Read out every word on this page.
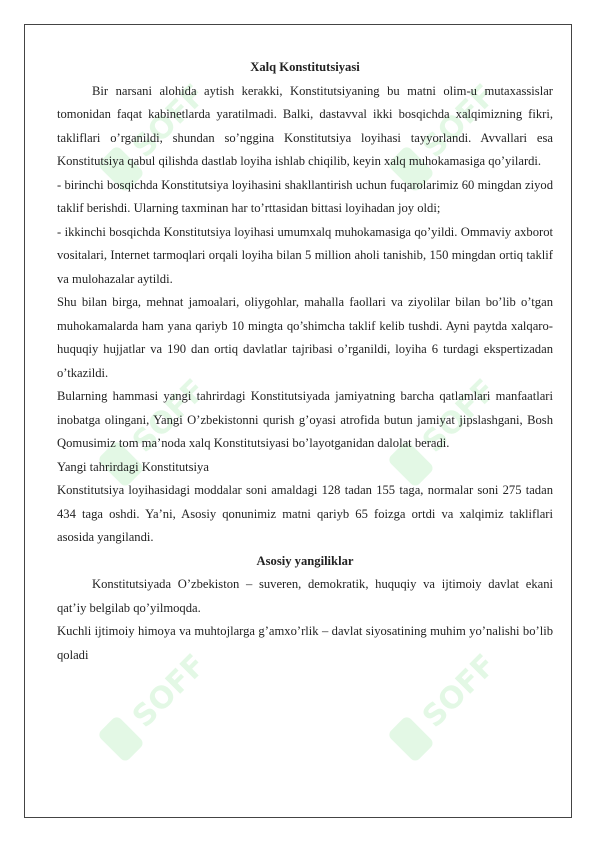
SOFF	SOFF
SOFF	SOFF
SOFF	SOFF

Xalq Konstitutsiyasi

Bir narsani alohida aytish kerakki, Konstitutsiyaning bu matni olim-u mutaxassislar tomonidan faqat kabinetlarda yaratilmadi. Balki, dastavval ikki bosqichda xalqimizning fikri, takliflari o’rganildi, shundan so’nggina Konstitutsiya loyihasi tayyorlandi. Avvallari esa Konstitutsiya qabul qilishda dastlab loyiha ishlab chiqilib, keyin xalq muhokamasiga qo’yilardi.

- birinchi bosqichda Konstitutsiya loyihasini shakllantirish uchun fuqarolarimiz 60 mingdan ziyod taklif berishdi. Ularning taxminan har to’rttasidan bittasi loyihadan joy oldi;

- ikkinchi bosqichda Konstitutsiya loyihasi umumxalq muhokamasiga qo’yildi. Ommaviy axborot vositalari, Internet tarmoqlari orqali loyiha bilan 5 million aholi tanishib, 150 mingdan ortiq taklif va mulohazalar aytildi.

Shu bilan birga, mehnat jamoalari, oliygohlar, mahalla faollari va ziyolilar bilan bo’lib o’tgan muhokamalarda ham yana qariyb 10 mingta qo’shimcha taklif kelib tushdi. Ayni paytda xalqaro-huquqiy hujjatlar va 190 dan ortiq davlatlar tajribasi o’rganildi, loyiha 6 turdagi ekspertizadan o’tkazildi.

Bularning hammasi yangi tahrirdagi Konstitutsiyada jamiyatning barcha qatlamlari manfaatlari inobatga olingani, Yangi O’zbekistonni qurish g’oyasi atrofida butun jamiyat jipslashgani, Bosh Qomusimiz tom ma’noda xalq Konstitutsiyasi bo’layotganidan dalolat beradi.

Yangi tahrirdagi Konstitutsiya

Konstitutsiya loyihasidagi moddalar soni amaldagi 128 tadan 155 taga, normalar soni 275 tadan 434 taga oshdi. Ya’ni, Asosiy qonunimiz matni qariyb 65 foizga ortdi va xalqimiz takliflari asosida yangilandi.

Asosiy yangiliklar

Konstitutsiyada O’zbekiston – suveren, demokratik, huquqiy va ijtimoiy davlat ekani qat’iy belgilab qo’yilmoqda.

Kuchli ijtimoiy himoya va muhtojlarga g’amxo’rlik – davlat siyosatining muhim yo’nalishi bo’lib qoladi
